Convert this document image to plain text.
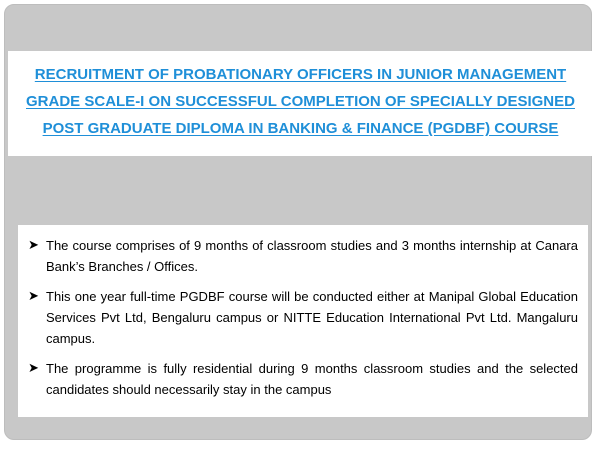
RECRUITMENT OF PROBATIONARY OFFICERS IN JUNIOR MANAGEMENT
GRADE SCALE-I ON SUCCESSFUL COMPLETION OF SPECIALLY DESIGNED
POST GRADUATE DIPLOMA IN BANKING & FINANCE (PGDBF) COURSE
➤ The course comprises of 9 months of classroom studies and 3 months internship at Canara Bank’s Branches / Offices.
➤ This one year full-time PGDBF course will be conducted either at Manipal Global Education Services Pvt Ltd, Bengaluru campus or NITTE Education International Pvt Ltd. Mangaluru campus.
➤ The programme is fully residential during 9 months classroom studies and the selected candidates should necessarily stay in the campus
